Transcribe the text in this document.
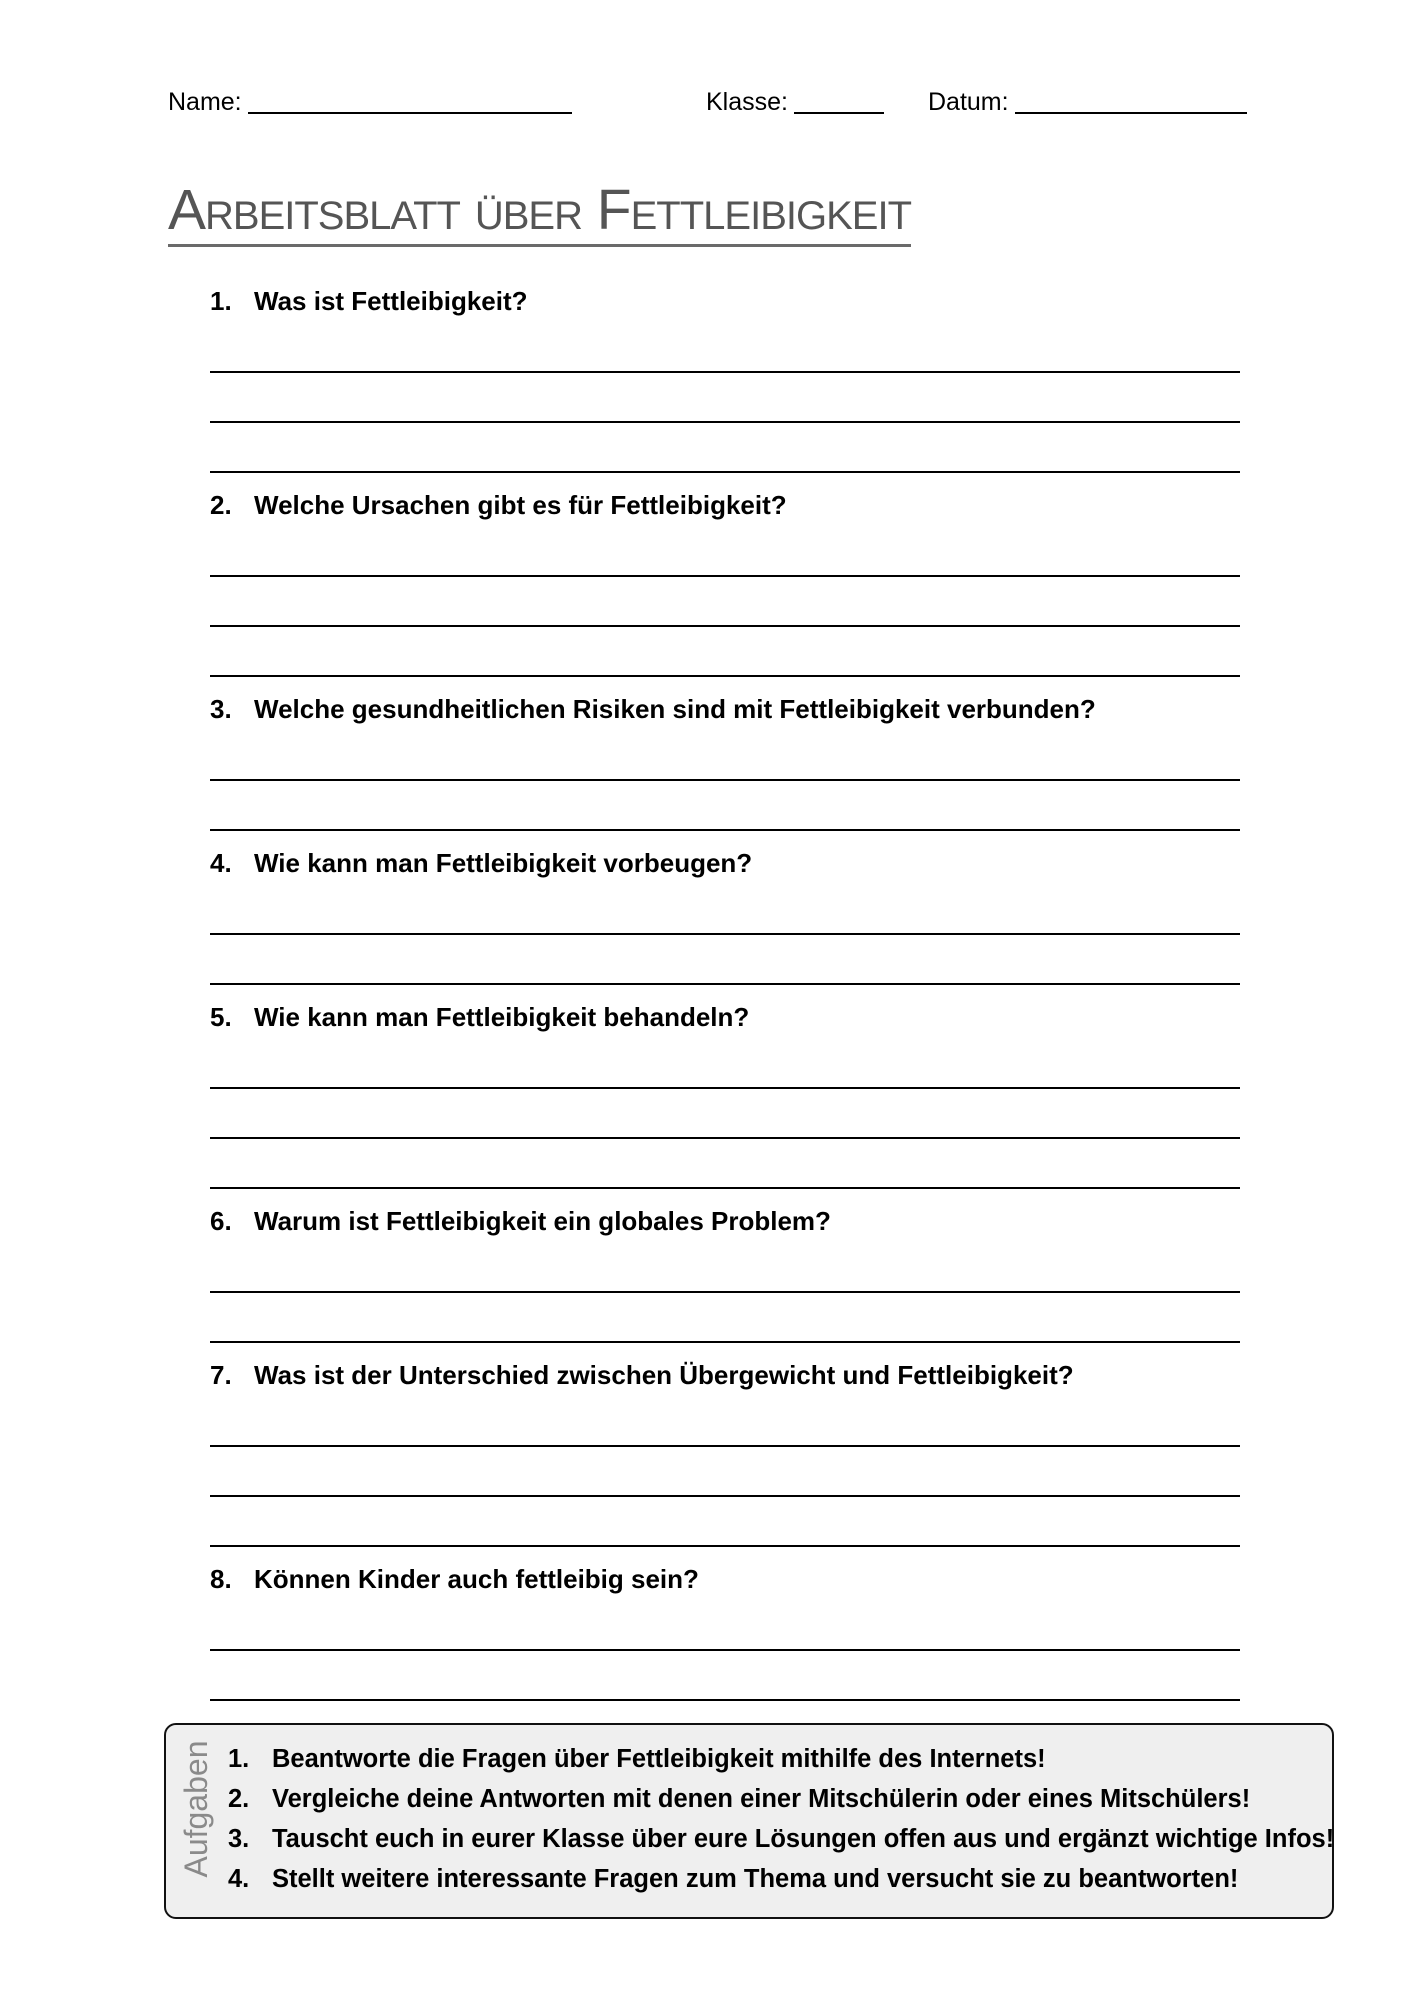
Name:	Klasse:	Datum:
Arbeitsblatt über Fettleibigkeit
1. Was ist Fettleibigkeit?
2. Welche Ursachen gibt es für Fettleibigkeit?
3. Welche gesundheitlichen Risiken sind mit Fettleibigkeit verbunden?
4. Wie kann man Fettleibigkeit vorbeugen?
5. Wie kann man Fettleibigkeit behandeln?
6. Warum ist Fettleibigkeit ein globales Problem?
7. Was ist der Unterschied zwischen Übergewicht und Fettleibigkeit?
8. Können Kinder auch fettleibig sein?
Aufgaben 1. Beantworte die Fragen über Fettleibigkeit mithilfe des Internets!
2. Vergleiche deine Antworten mit denen einer Mitschülerin oder eines Mitschülers!
3. Tauscht euch in eurer Klasse über eure Lösungen offen aus und ergänzt wichtige Infos!
4. Stellt weitere interessante Fragen zum Thema und versucht sie zu beantworten!
